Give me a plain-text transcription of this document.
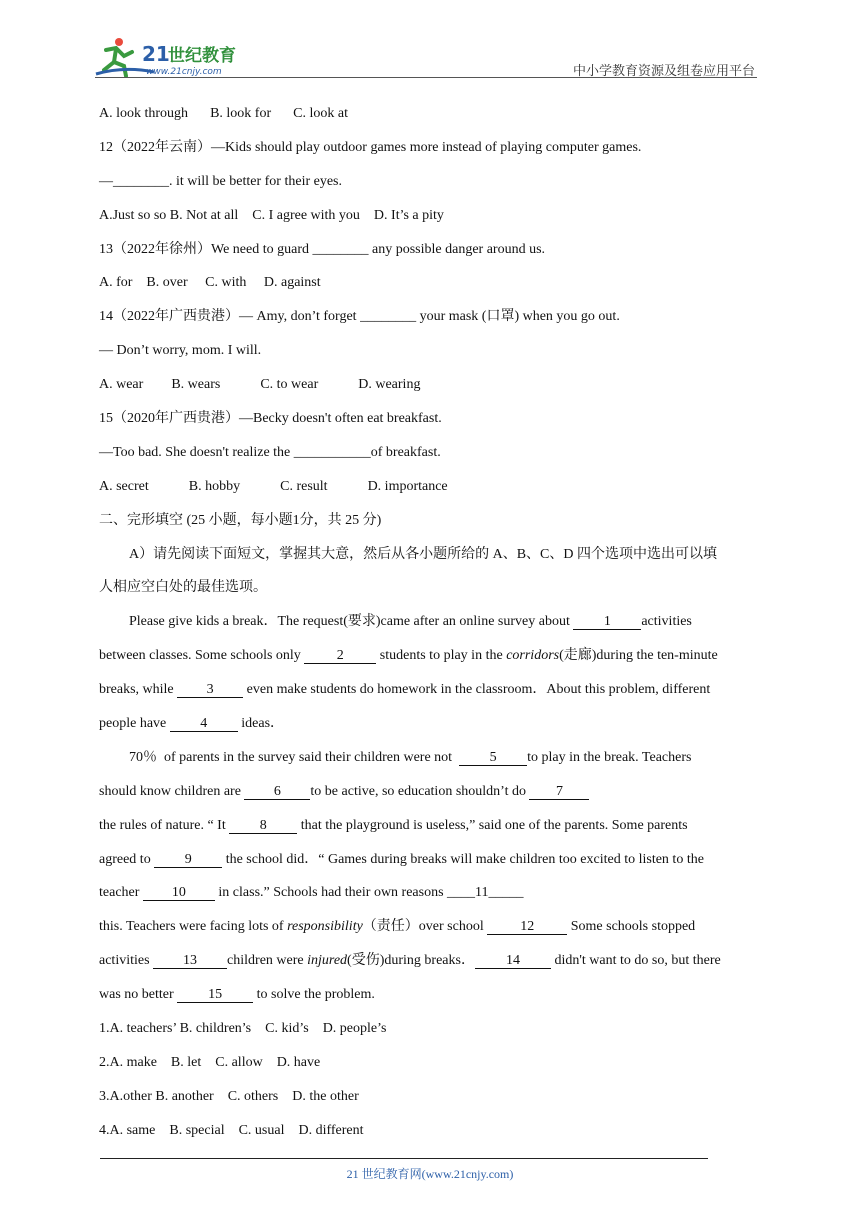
21
世纪教育
www.21cnjy.com	中小学教育资源及组卷应用平台
A. look through B. look for C. look at
12（2022年云南）—Kids should play outdoor games more instead of playing computer games.
—________. it will be better for their eyes.
A.Just so so B. Not at all    C. I agree with you    D. It’s a pity
13（2022年徐州）We need to guard ________ any possible danger around us.
A. for    B. over     C. with     D. against
14（2022年广西贵港）— Amy, don’t forget ________ your mask (口罩) when you go out.
— Don’t worry, mom. I will.
A. wear B. wears	C. to wear	D. wearing
15（2020年广西贵港）—Becky doesn't often eat breakfast.
—Too bad. She doesn't realize the ___________of breakfast.
A. secret	B. hobby	C. result	D. importance
二、完形填空 (25 小题，每小题1分，共 25 分)
A）请先阅读下面短文，掌握其大意，然后从各小题所给的 A、B、C、D 四个选项中选出可以填
人相应空白处的最佳选项。
Please give kids a break．The request(要求)came after an online survey about 1 activities
between classes. Some schools only 2 students to play in the corridors(走廊)during the ten-minute
breaks, while 3 even make students do homework in the classroom．About this problem, different
people have 4 ideas．
70％  of parents in the survey said their children were not  5 to play in the break. Teachers
should know children are 6 to be active, so education shouldn’t do 7
the rules of nature. “ It 8 that the playground is useless,” said one of the parents. Some parents
agreed to 9 the school did．“ Games during breaks will make children too excited to listen to the
teacher 10 in class.” Schools had their own reasons ____11_____
this. Teachers were facing lots of responsibility（责任）over school 12 Some schools stopped
activities 13 children were injured(受伤)during breaks． 14 didn't want to do so, but there
was no better 15 to solve the problem.
1.A. teachers’ B. children’s    C. kid’s    D. people’s
2.A. make    B. let    C. allow    D. have
3.A.other B. another    C. others    D. the other
4.A. same    B. special    C. usual    D. different
21 世纪教育网(www.21cnjy.com)
